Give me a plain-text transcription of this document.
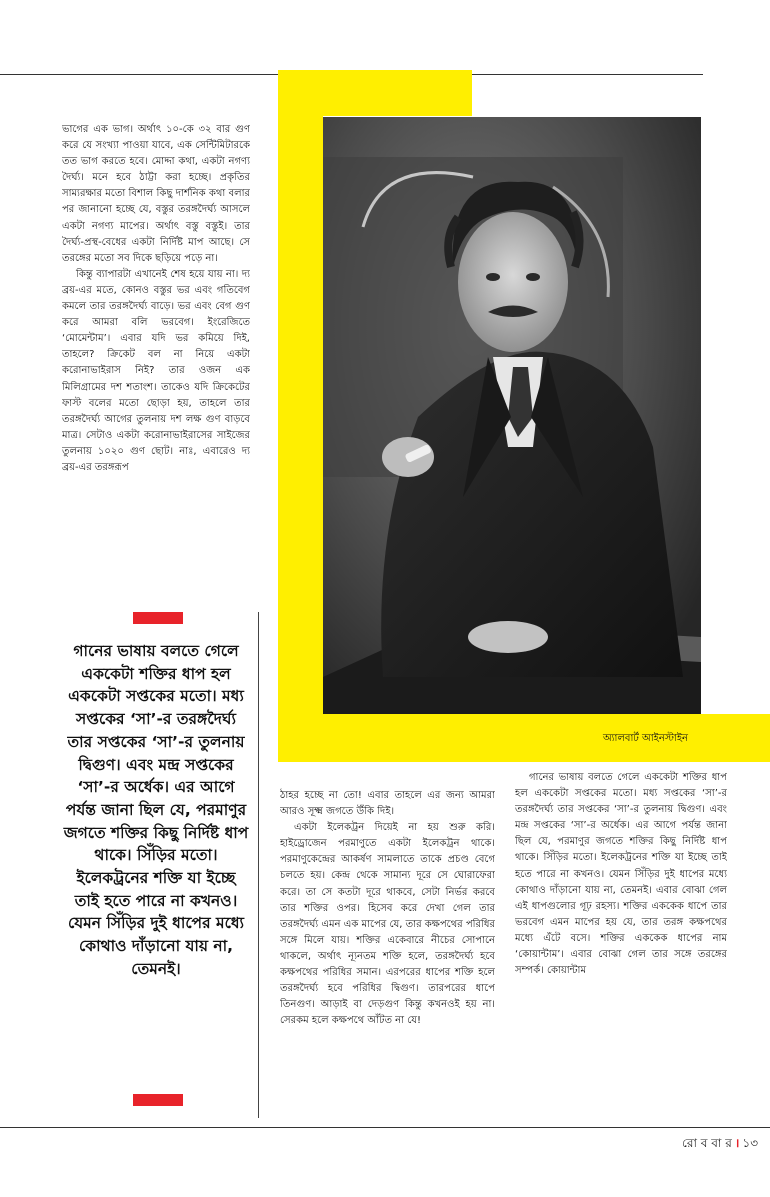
অ্যালবার্ট আইনস্টাইন

ভাগের এক ভাগ। অর্থাৎ ১০-কে ৩২ বার গুণ করে যে সংখ্যা পাওয়া যাবে, এক সেন্টিমিটারকে তত ভাগ করতে হবে। মোদ্দা কথা, একটা নগণ্য দৈর্ঘ্য। মনে হবে ঠাট্টা করা হচ্ছে। প্রকৃতির সাম্যরক্ষার মতো বিশাল কিছু দার্শনিক কথা বলার পর জানানো হচ্ছে যে, বস্তুর তরঙ্গদৈর্ঘ্য আসলে একটা নগণ্য মাপের। অর্থাৎ বস্তু বস্তুই। তার দৈর্ঘ্য-প্রস্থ-বেধের একটা নির্দিষ্ট মাপ আছে। সে তরঙ্গের মতো সব দিকে ছড়িয়ে পড়ে না।

কিন্তু ব্যাপারটা এখানেই শেষ হয়ে যায় না। দ্য ব্রয়-এর মতে, কোনও বস্তুর ভর এবং গতিবেগ কমলে তার তরঙ্গদৈর্ঘ্য বাড়ে। ভর এবং বেগ গুণ করে আমরা বলি ভরবেগ। ইংরেজিতে ‘মোমেন্টাম’। এবার যদি ভর কমিয়ে দিই, তাহলে? ক্রিকেট বল না নিয়ে একটা করোনাভাইরাস নিই? তার ওজন এক মিলিগ্রামের দশ শতাংশ। তাকেও যদি ক্রিকেটের ফাস্ট বলের মতো ছোড়া হয়, তাহলে তার তরঙ্গদৈর্ঘ্য আগের তুলনায় দশ লক্ষ গুণ বাড়বে মাত্র। সেটাও একটা করোনাভাইরাসের সাইজের তুলনায় ১০২০ গুণ ছোট। নাঃ, এবারেও দ্য ব্রয়-এর তরঙ্গরূপ

গানের ভাষায় বলতে গেলে এককেটা শক্তির ধাপ হল এককেটা সপ্তকের মতো। মধ্য সপ্তকের ‘সা’-র তরঙ্গদৈর্ঘ্য তার সপ্তকের ‘সা’-র তুলনায় দ্বিগুণ। এবং মন্দ্র সপ্তকের ‘সা’-র অর্ধেক। এর আগে পর্যন্ত জানা ছিল যে, পরমাণুর জগতে শক্তির কিছু নির্দিষ্ট ধাপ থাকে। সিঁড়ির মতো। ইলেকট্রনের শক্তি যা ইচ্ছে তাই হতে পারে না কখনও। যেমন সিঁড়ির দুই ধাপের মধ্যে কোথাও দাঁড়ানো যায় না, তেমনই।

ঠাহর হচ্ছে না তো! এবার তাহলে এর জন্য আমরা আরও সূক্ষ্ম জগতে উঁকি দিই।

একটা ইলেকট্রন দিয়েই না হয় শুরু করি। হাইড্রোজেন পরমাণুতে একটা ইলেকট্রন থাকে। পরমাণুকেন্দ্রের আকর্ষণ সামলাতে তাকে প্রচণ্ড বেগে চলতে হয়। কেন্দ্র থেকে সামান্য দূরে সে ঘোরাফেরা করে। তা সে কতটা দূরে থাকবে, সেটা নির্ভর করবে তার শক্তির ওপর। হিসেব করে দেখা গেল তার তরঙ্গদৈর্ঘ্য এমন এক মাপের যে, তার কক্ষপথের পরিধির সঙ্গে মিলে যায়। শক্তির একেবারে নীচের সোপানে থাকলে, অর্থাৎ ন্যূনতম শক্তি হলে, তরঙ্গদৈর্ঘ্য হবে কক্ষপথের পরিধির সমান। এরপরের ধাপের শক্তি হলে তরঙ্গদৈর্ঘ্য হবে পরিধির দ্বিগুণ। তারপরের ধাপে তিনগুণ। আড়াই বা দেড়গুণ কিন্তু কখনওই হয় না। সেরকম হলে কক্ষপথে আঁটত না যে!

গানের ভাষায় বলতে গেলে এককেটা শক্তির ধাপ হল এককেটা সপ্তকের মতো। মধ্য সপ্তকের ‘সা’-র তরঙ্গদৈর্ঘ্য তার সপ্তকের ‘সা’-র তুলনায় দ্বিগুণ। এবং মন্দ্র সপ্তকের ‘সা’-র অর্ধেক। এর আগে পর্যন্ত জানা ছিল যে, পরমাণুর জগতে শক্তির কিছু নির্দিষ্ট ধাপ থাকে। সিঁড়ির মতো। ইলেকট্রনের শক্তি যা ইচ্ছে তাই হতে পারে না কখনও। যেমন সিঁড়ির দুই ধাপের মধ্যে কোথাও দাঁড়ানো যায় না, তেমনই। এবার বোঝা গেল এই ধাপগুলোর গূঢ় রহস্য। শক্তির এককেক ধাপে তার ভরবেগ এমন মাপের হয় যে, তার তরঙ্গ কক্ষপথের মধ্যে এঁটে বসে। শক্তির এককেক ধাপের নাম ‘কোয়ান্টাম’। এবার বোঝা গেল তার সঙ্গে তরঙ্গের সম্পর্ক। কোয়ান্টাম

রো ব বা র । ১৩
